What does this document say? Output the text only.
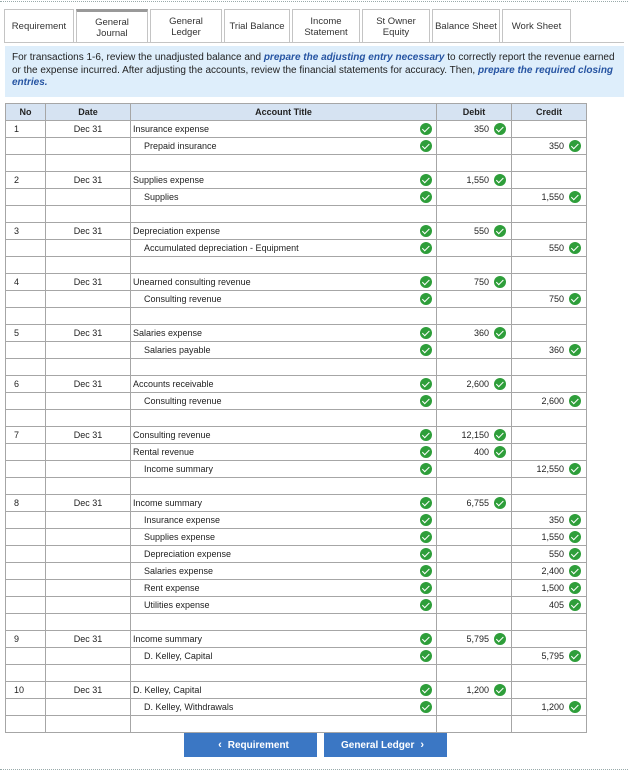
Requirement	General
Journal
General
Ledger	Trial Balance	Income
Statement
St Owner
Equity	Balance Sheet	Work Sheet
For transactions 1-6, review the unadjusted balance and prepare the adjusting entry necessary to correctly report the revenue earned or the expense incurred. After adjusting the accounts, review the financial statements for accuracy. Then, prepare the required closing entries.
No	Date	Account Title	Debit	Credit
1	Dec 31	Insurance expense	350

		Prepaid insurance		350

2	Dec 31	Supplies expense	1,550

		Supplies		1,550

3	Dec 31	Depreciation expense	550

		Accumulated depreciation - Equipment		550

4	Dec 31	Unearned consulting revenue	750

		Consulting revenue		750

5	Dec 31	Salaries expense	360

		Salaries payable		360

6	Dec 31	Accounts receivable	2,600

		Consulting revenue		2,600

7	Dec 31	Consulting revenue	12,150

		Rental revenue	400

		Income summary		12,550

8	Dec 31	Income summary	6,755

		Insurance expense		350

		Supplies expense		1,550

		Depreciation expense		550

		Salaries expense		2,400

		Rent expense		1,500

		Utilities expense		405

9	Dec 31	Income summary	5,795

		D. Kelley, Capital		5,795

10	Dec 31	D. Kelley, Capital	1,200

		D. Kelley, Withdrawals		1,200

‹ Requirement	General Ledger ›
